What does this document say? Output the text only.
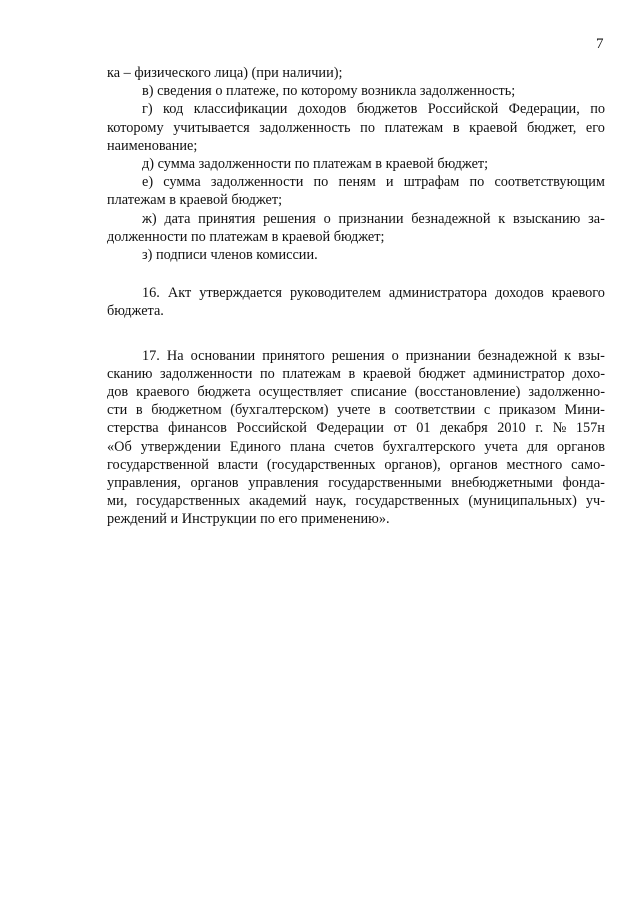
7
ка – физического лица) (при наличии);
в) сведения о платеже, по которому возникла задолженность;
г) код классификации доходов бюджетов Российской Федерации, по
которому учитывается задолженность по платежам в краевой бюджет, его
наименование;
д) сумма задолженности по платежам в краевой бюджет;
е) сумма задолженности по пеням и штрафам по соответствующим
платежам в краевой бюджет;
ж) дата принятия решения о признании безнадежной к взысканию за-
долженности по платежам в краевой бюджет;
з) подписи членов комиссии.
16. Акт утверждается руководителем администратора доходов краевого
бюджета.
17. На основании принятого решения о признании безнадежной к взы-
сканию задолженности по платежам в краевой бюджет администратор дохо-
дов краевого бюджета осуществляет списание (восстановление) задолженно-
сти в бюджетном (бухгалтерском) учете в соответствии с приказом Мини-
стерства финансов Российской Федерации от 01 декабря 2010 г. № 157н
«Об утверждении Единого плана счетов бухгалтерского учета для органов
государственной власти (государственных органов), органов местного само-
управления, органов управления государственными внебюджетными фонда-
ми, государственных академий наук, государственных (муниципальных) уч-
реждений и Инструкции по его применению».
